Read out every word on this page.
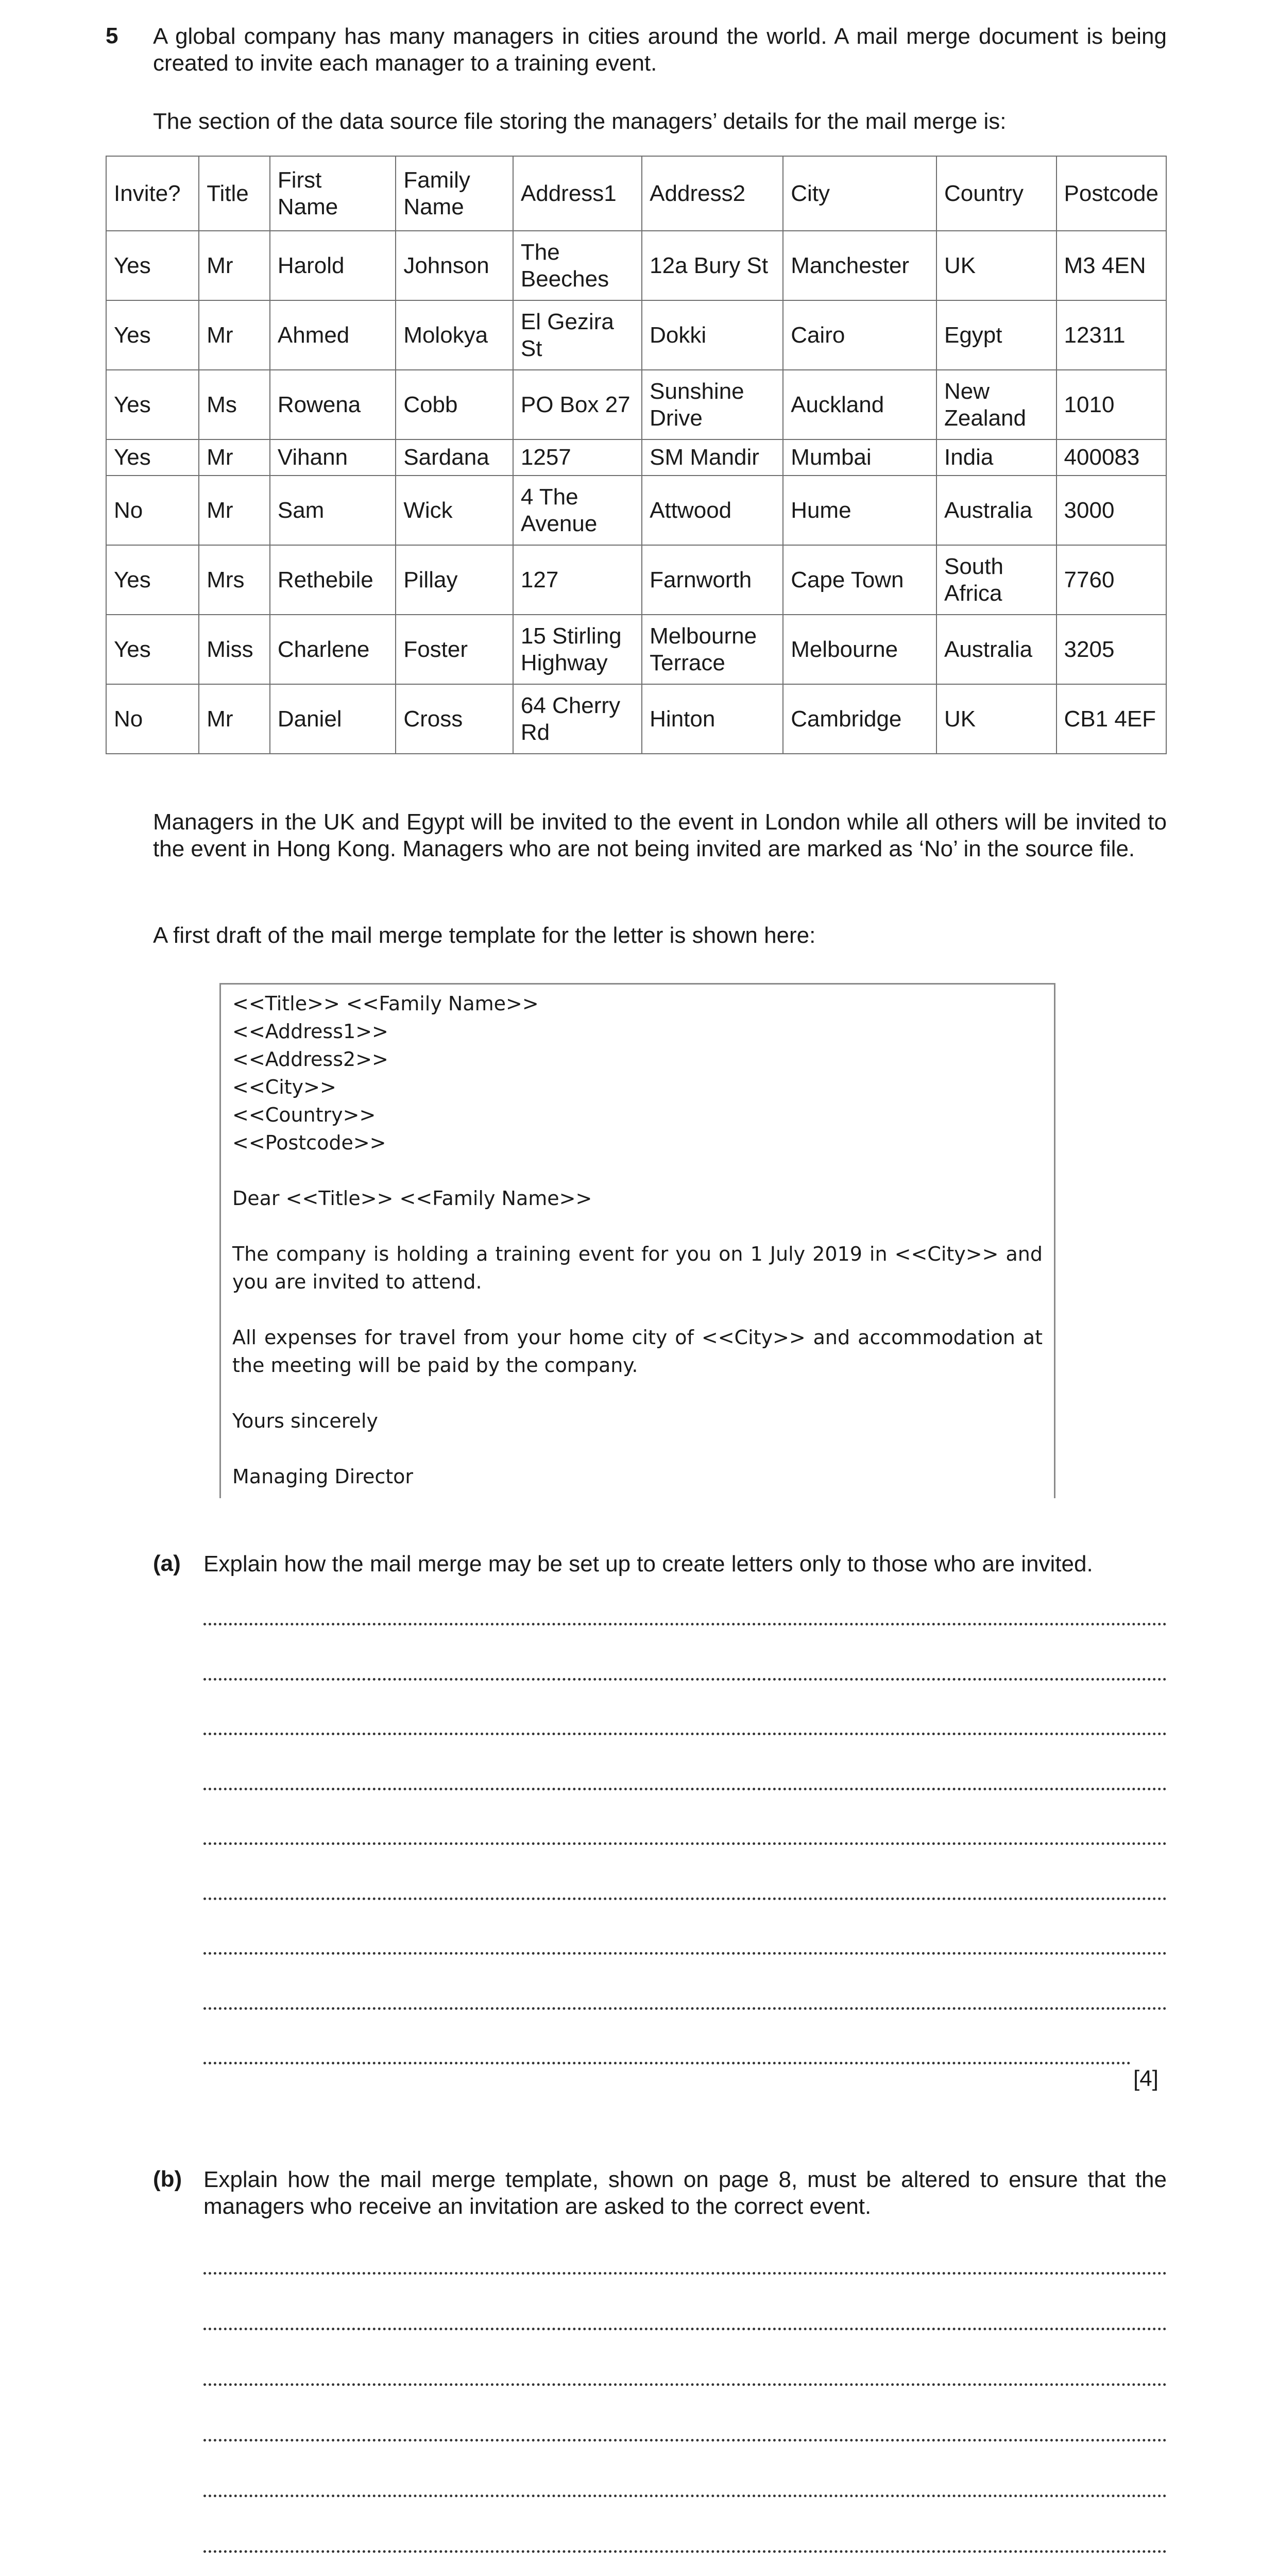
5 A global company has many managers in cities around the world. A mail merge document is being created to invite each manager to a training event.
The section of the data source file storing the managers’ details for the mail merge is:
Invite?	Title	First Name	Family Name	Address1	Address2	City	Country	Postcode
Yes	Mr	Harold	Johnson	The Beeches	12a Bury St	Manchester	UK	M3 4EN
Yes	Mr	Ahmed	Molokya	El Gezira St	Dokki	Cairo	Egypt	12311
Yes	Ms	Rowena	Cobb	PO Box 27	Sunshine Drive	Auckland	New Zealand	1010
Yes	Mr	Vihann	Sardana	1257	SM Mandir	Mumbai	India	400083
No	Mr	Sam	Wick	4 The Avenue	Attwood	Hume	Australia	3000
Yes	Mrs	Rethebile	Pillay	127	Farnworth	Cape Town	South Africa	7760
Yes	Miss	Charlene	Foster	15 Stirling Highway	Melbourne Terrace	Melbourne	Australia	3205
No	Mr	Daniel	Cross	64 Cherry Rd	Hinton	Cambridge	UK	CB1 4EF
Managers in the UK and Egypt will be invited to the event in London while all others will be invited to the event in Hong Kong. Managers who are not being invited are marked as ‘No’ in the source file.
A first draft of the mail merge template for the letter is shown here:
<<Title>> <<Family Name>>
<<Address1>>
<<Address2>>
<<City>>
<<Country>>
<<Postcode>>
Dear <<Title>> <<Family Name>>
The company is holding a training event for you on 1 July 2019 in <<City>> and you are invited to attend.
All expenses for travel from your home city of <<City>> and accommodation at the meeting will be paid by the company.
Yours sincerely
Managing Director
(a) Explain how the mail merge may be set up to create letters only to those who are invited.
[4]
(b) Explain how the mail merge template, shown on page 8, must be altered to ensure that the managers who receive an invitation are asked to the correct event.
